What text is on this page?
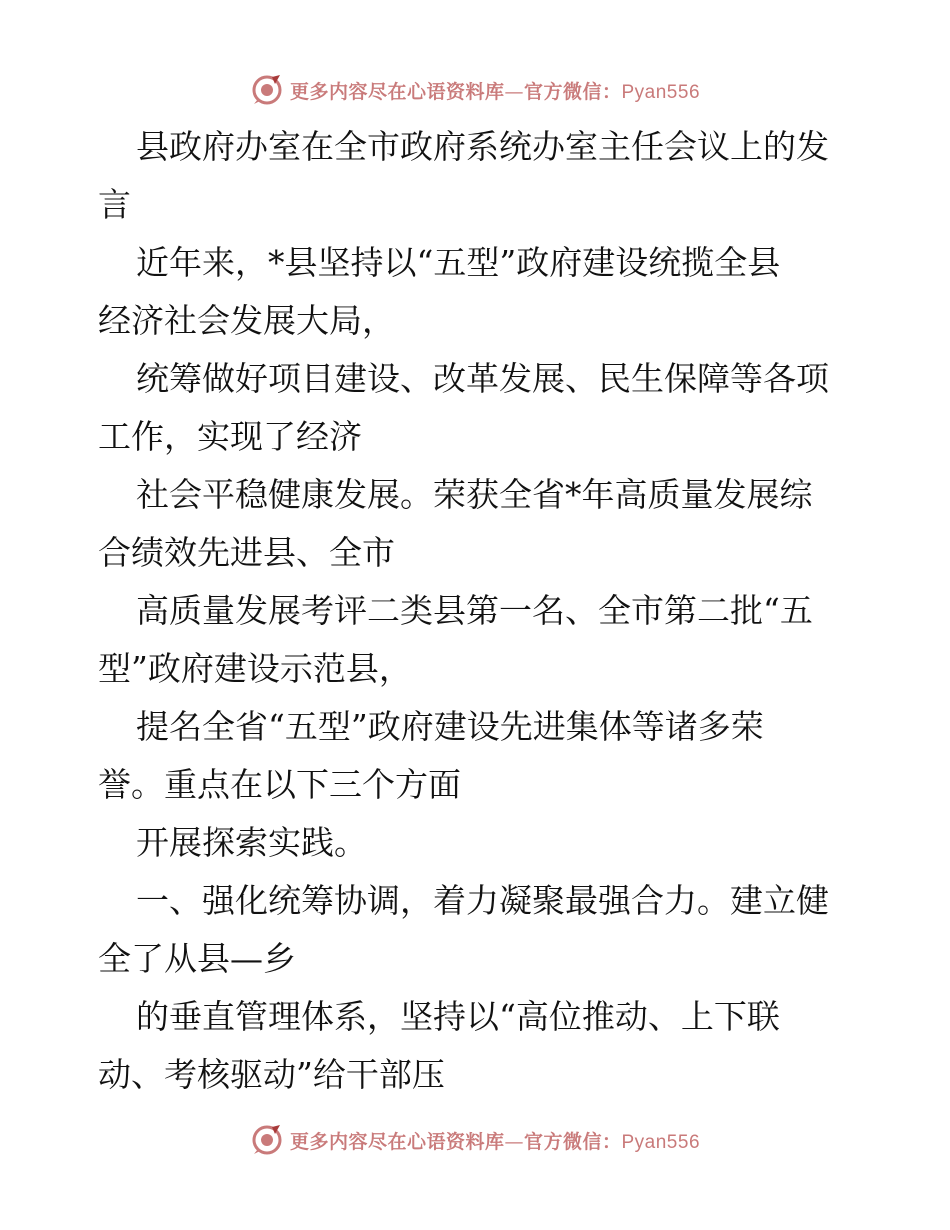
更多内容尽在心语资料库—官方微信：Pyan556
县政府办室在全市政府系统办室主任会议上的发
言
近年来，*县坚持以“五型”政府建设统揽全县
经济社会发展大局，
统筹做好项目建设、改革发展、民生保障等各项
工作，实现了经济
社会平稳健康发展。荣获全省*年高质量发展综
合绩效先进县、全市
高质量发展考评二类县第一名、全市第二批“五
型”政府建设示范县，
提名全省“五型”政府建设先进集体等诸多荣
誉。重点在以下三个方面
开展探索实践。
一、强化统筹协调，着力凝聚最强合力。建立健
全了从县—乡
的垂直管理体系，坚持以“高位推动、上下联
动、考核驱动”给干部压
更多内容尽在心语资料库—官方微信：Pyan556
